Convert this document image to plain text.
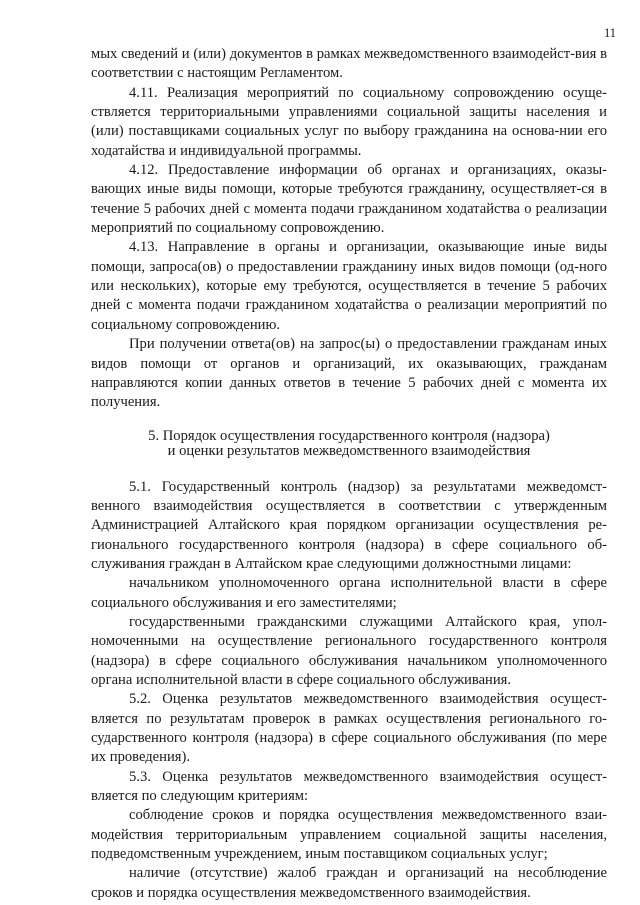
11

мых сведений и (или) документов в рамках межведомственного взаимодейст-вия в соответствии с настоящим Регламентом.

4.11. Реализация мероприятий по социальному сопровождению осуще-ствляется территориальными управлениями социальной защиты населения и (или) поставщиками социальных услуг по выбору гражданина на основа-нии его ходатайства и индивидуальной программы.

4.12. Предоставление информации об органах и организациях, оказы-вающих иные виды помощи, которые требуются гражданину, осуществляет-ся в течение 5 рабочих дней с момента подачи гражданином ходатайства о реализации мероприятий по социальному сопровождению.

4.13. Направление в органы и организации, оказывающие иные виды помощи, запроса(ов) о предоставлении гражданину иных видов помощи (од-ного или нескольких), которые ему требуются, осуществляется в течение 5 рабочих дней с момента подачи гражданином ходатайства о реализации мероприятий по социальному сопровождению.

При получении ответа(ов) на запрос(ы) о предоставлении гражданам иных видов помощи от органов и организаций, их оказывающих, гражданам направляются копии данных ответов в течение 5 рабочих дней с момента их получения.

5. Порядок осуществления государственного контроля (надзора)
и оценки результатов межведомственного взаимодействия

5.1. Государственный контроль (надзор) за результатами межведомст-венного взаимодействия осуществляется в соответствии с утвержденным Администрацией Алтайского края порядком организации осуществления ре-гионального государственного контроля (надзора) в сфере социального об-служивания граждан в Алтайском крае следующими должностными лицами:

начальником уполномоченного органа исполнительной власти в сфере социального обслуживания и его заместителями;

государственными гражданскими служащими Алтайского края, упол-номоченными на осуществление регионального государственного контроля (надзора) в сфере социального обслуживания начальником уполномоченного органа исполнительной власти в сфере социального обслуживания.

5.2. Оценка результатов межведомственного взаимодействия осущест-вляется по результатам проверок в рамках осуществления регионального го-сударственного контроля (надзора) в сфере социального обслуживания (по мере их проведения).

5.3. Оценка результатов межведомственного взаимодействия осущест-вляется по следующим критериям:

соблюдение сроков и порядка осуществления межведомственного взаи-модействия территориальным управлением социальной защиты населения, подведомственным учреждением, иным поставщиком социальных услуг;

наличие (отсутствие) жалоб граждан и организаций на несоблюдение сроков и порядка осуществления межведомственного взаимодействия.
